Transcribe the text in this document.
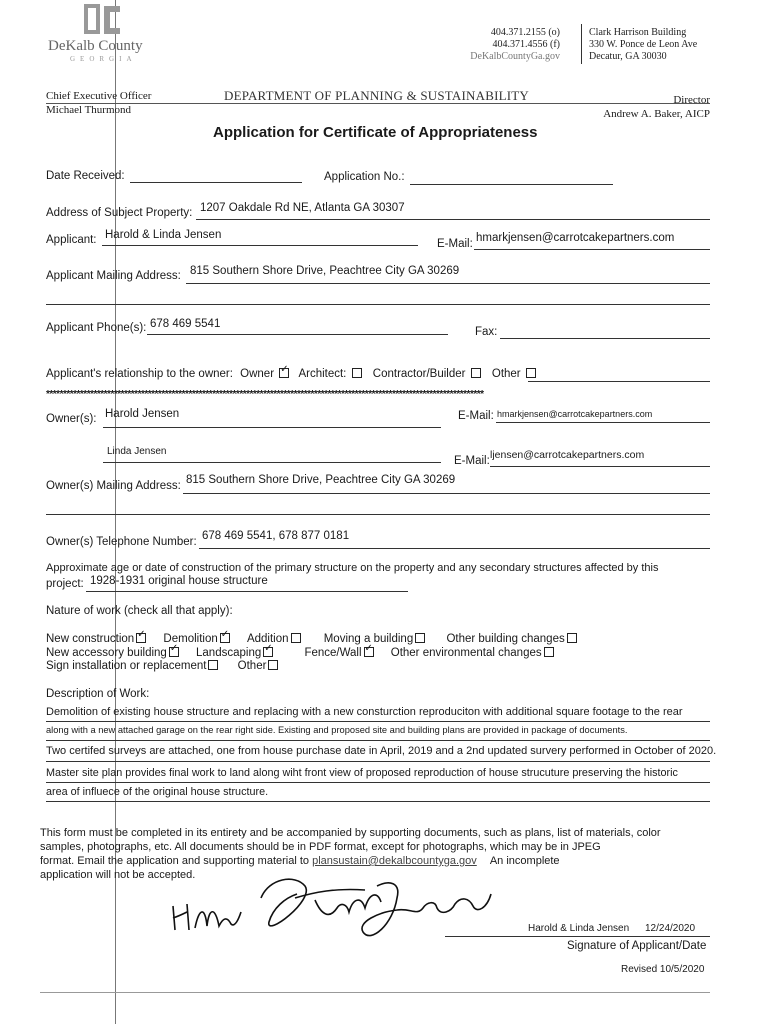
DeKalb County
GEORGIA
404.371.2155 (o)
404.371.4556 (f)
DeKalbCountyGa.gov
Clark Harrison Building
330 W. Ponce de Leon Ave
Decatur, GA 30030
Chief Executive Officer
Michael Thurmond
DEPARTMENT OF PLANNING & SUSTAINABILITY	Director
Andrew A. Baker, AICP
Application for Certificate of Appropriateness
Date Received:	Application No.:
Address of Subject Property: 1207 Oakdale Rd NE, Atlanta GA 30307
Applicant: Harold & Linda Jensen
E-Mail: hmarkjensen@carrotcakepartners.com
Applicant Mailing Address: 815 Southern Shore Drive, Peachtree City GA 30269
Applicant Phone(s): 678 469 5541
Fax:
Applicant's relationship to the owner: Owner ✓ Architect: Contractor/Builder Other
*********************************************************************************************************************************
Owner(s): Harold Jensen	E-Mail: hmarkjensen@carrotcakepartners.com
Linda Jensen
E-Mail: ljensen@carrotcakepartners.com
Owner(s) Mailing Address: 815 Southern Shore Drive, Peachtree City GA 30269
Owner(s) Telephone Number: 678 469 5541, 678 877 0181
Approximate age or date of construction of the primary structure on the property and any secondary structures affected by this
project: 1928-1931 original house structure
Nature of work (check all that apply):
New construction ✓	Demolition ✓	Addition	Moving a building	Other building changes
New accessory building ✓	Landscaping ✓	Fence/Wall ✓	Other environmental changes
Sign installation or replacement	Other
Description of Work:
Demolition of existing house structure and replacing with a new consturction reproduciton with additional square footage to the rear
along with a new attached garage on the rear right side. Existing and proposed site and building plans are provided in package of documents.
Two certifed surveys are attached, one from house purchase date in April, 2019 and a 2nd updated survery performed in October of 2020.
Master site plan provides final work to land along wiht front view of proposed reproduction of house strucuture preserving the historic
area of influece of the original house structure.
This form must be completed in its entirety and be accompanied by supporting documents, such as plans, list of materials, color
samples, photographs, etc. All documents should be in PDF format, except for photographs, which may be in JPEG
format. Email the application and supporting material to plansustain@dekalbcountyga.gov An incomplete
application will not be accepted.
Harold & Linda Jensen 12/24/2020
Signature of Applicant/Date
Revised 10/5/2020
